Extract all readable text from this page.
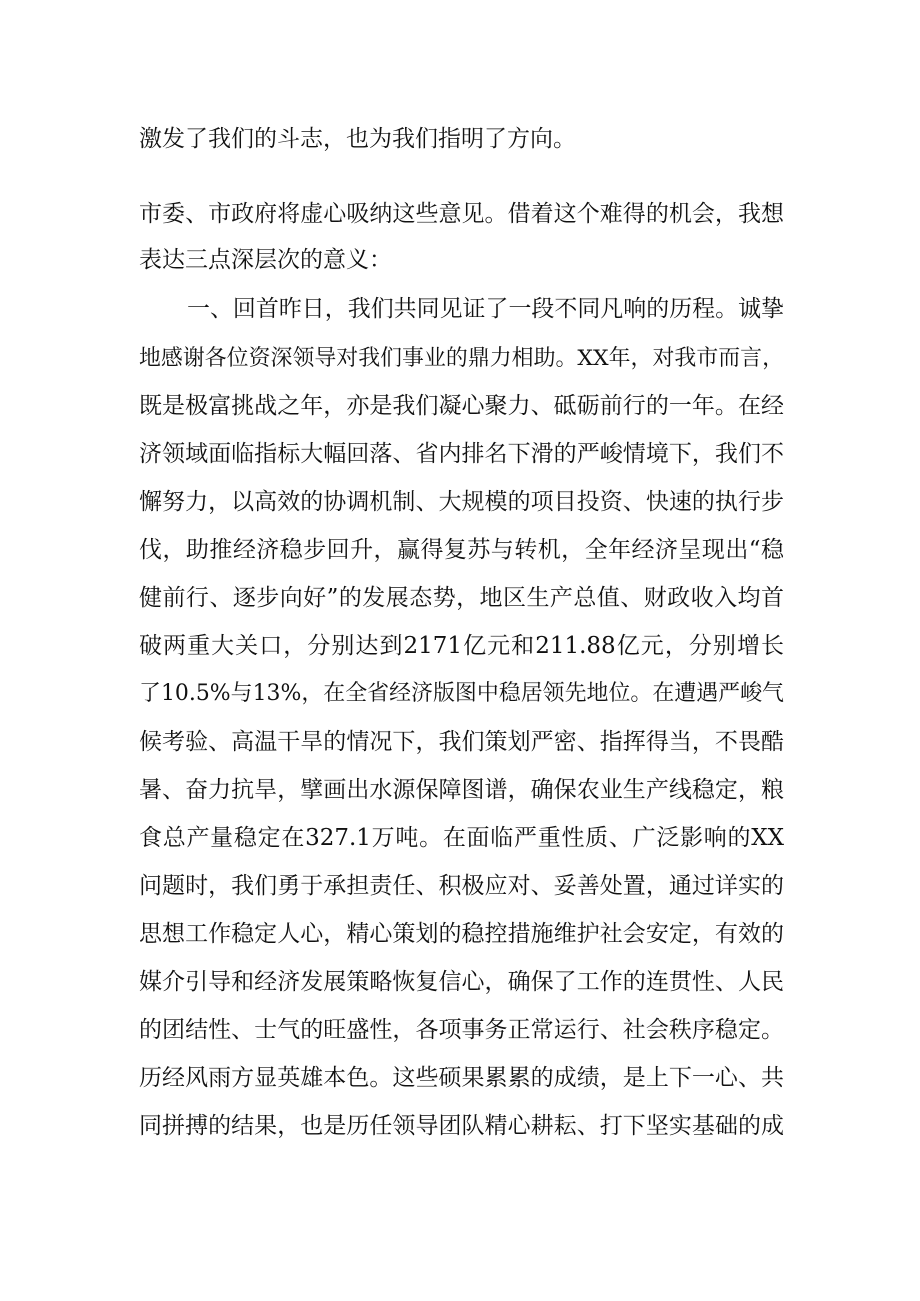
激发了我们的斗志，也为我们指明了方向。
市委、市政府将虚心吸纳这些意见。借着这个难得的机会，我想
表达三点深层次的意义：
一、回首昨日，我们共同见证了一段不同凡响的历程。诚挚
地感谢各位资深领导对我们事业的鼎力相助。XX年，对我市而言，
既是极富挑战之年，亦是我们凝心聚力、砥砺前行的一年。在经
济领域面临指标大幅回落、省内排名下滑的严峻情境下，我们不
懈努力，以高效的协调机制、大规模的项目投资、快速的执行步
伐，助推经济稳步回升，赢得复苏与转机，全年经济呈现出“稳
健前行、逐步向好”的发展态势，地区生产总值、财政收入均首
破两重大关口，分别达到2171亿元和211.88亿元，分别增长
了10.5%与13%，在全省经济版图中稳居领先地位。在遭遇严峻气
候考验、高温干旱的情况下，我们策划严密、指挥得当，不畏酷
暑、奋力抗旱，擘画出水源保障图谱，确保农业生产线稳定，粮
食总产量稳定在327.1万吨。在面临严重性质、广泛影响的XX
问题时，我们勇于承担责任、积极应对、妥善处置，通过详实的
思想工作稳定人心，精心策划的稳控措施维护社会安定，有效的
媒介引导和经济发展策略恢复信心，确保了工作的连贯性、人民
的团结性、士气的旺盛性，各项事务正常运行、社会秩序稳定。
历经风雨方显英雄本色。这些硕果累累的成绩，是上下一心、共
同拼搏的结果，也是历任领导团队精心耕耘、打下坚实基础的成
